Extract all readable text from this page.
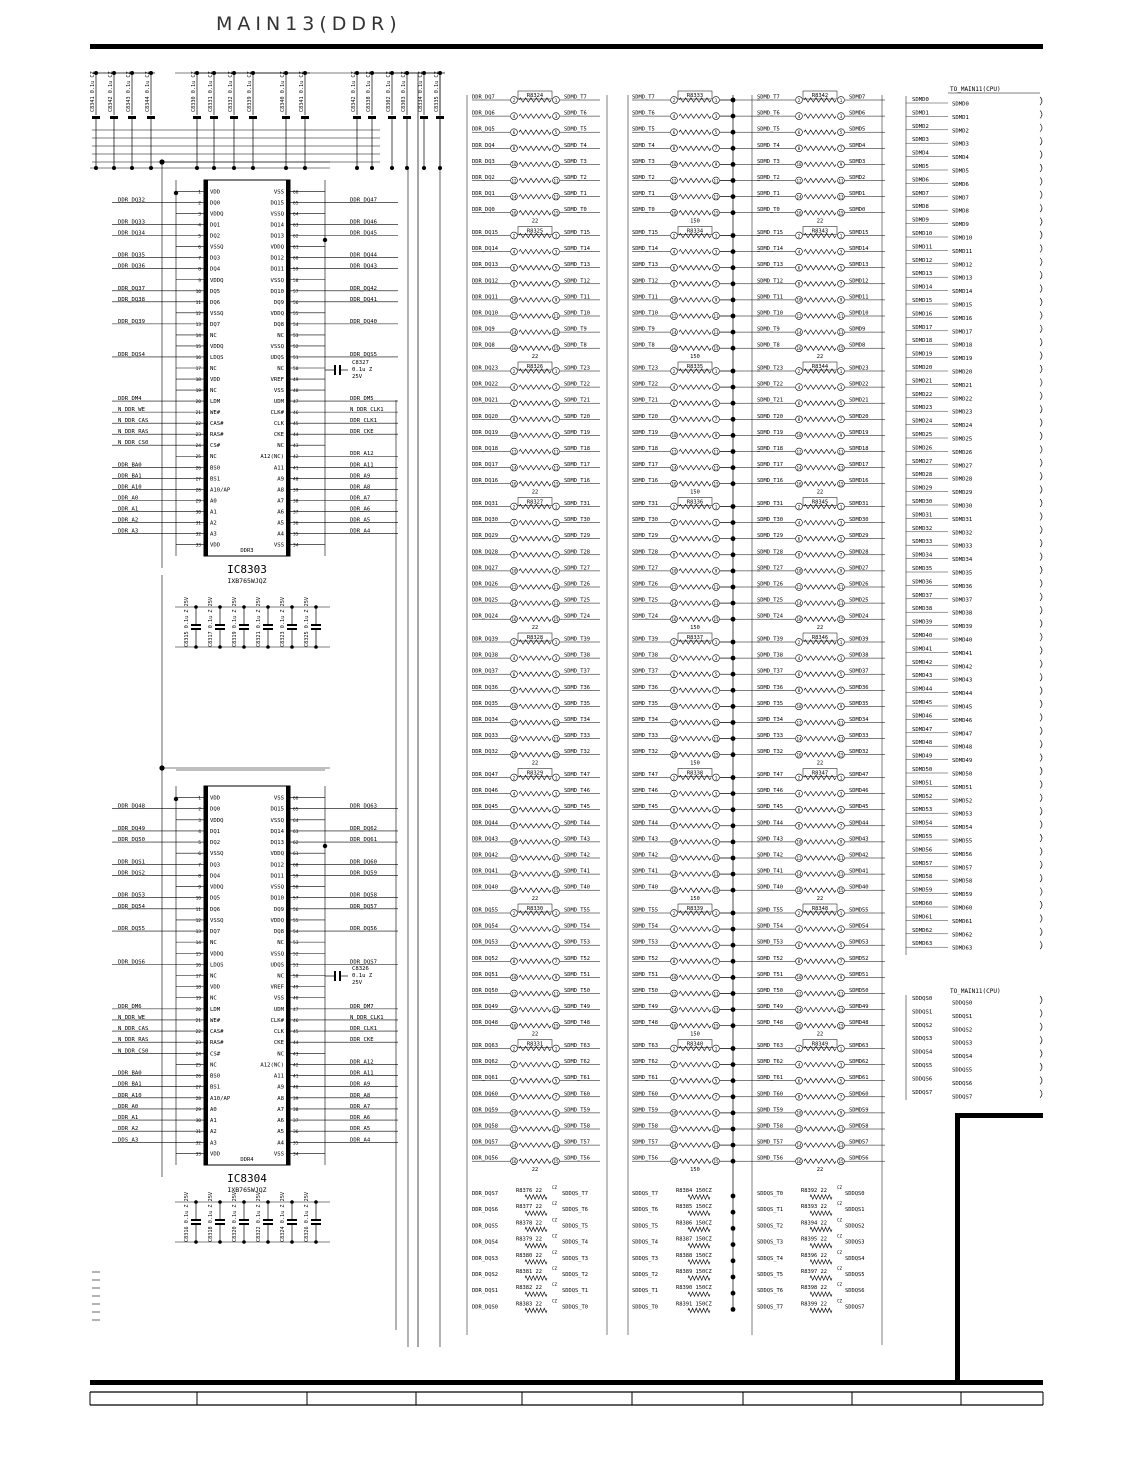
MAIN13(DDR)
VDD	VSS
1	66
DQ0	DQ15
2	65
DDR_DQ32	DDR_DQ47
VDDQ	VSSQ
3	64
DQ1	DQ14
4	63
DDR_DQ33	DDR_DQ46
DQ2	DQ13
5	62
DDR_DQ34	DDR_DQ45
VSSQ	VDDQ
6	61
DQ3	DQ12
7	60
DDR_DQ35	DDR_DQ44
DQ4	DQ11
8	59
DDR_DQ36	DDR_DQ43
VDDQ	VSSQ
9	58
DQ5	DQ10
10	57
DDR_DQ37	DDR_DQ42
DQ6	DQ9
11	56
DDR_DQ38	DDR_DQ41
VSSQ	VDDQ
12	55
DQ7	DQ8
13	54
DDR_DQ39	DDR_DQ40
NC	NC
14	53
VDDQ	VSSQ
15	52
LDQS	UDQS
16	51
DDR_DQS4	DDR_DQS5
NC	NC
17	50
VDD	VREF
18	49
NC	VSS
19	48
LDM	UDM
20	47
DDR_DM4	DDR_DM5
WE#	CLK#
21	46
N_DDR_WE	N_DDR_CLK1
CAS#	CLK
22	45
N_DDR_CAS	DDR_CLK1
RAS#	CKE
23	44
N_DDR_RAS	DDR_CKE
CS#	NC
24	43
N_DDR_CS0
NC	A12(NC)
25	42
DDR_A12
BS0	A11
26	41
DDR_BA0	DDR_A11
BS1	A9
27	40
DDR_BA1	DDR_A9
A10/AP	A8
28	39
DDR_A10	DDR_A8
A0	A7
29	38
DDR_A0	DDR_A7
A1	A6
30	37
DDR_A1	DDR_A6
A2	A5
31	36
DDR_A2	DDR_A5
A3	A4
32	35
DDR_A3	DDR_A4
VDD	VSS
33	34
DDR3
IC8303
IXB765WJQZ
C8327
0.1u Z
25V
VDD	VSS
1	66
DQ0	DQ15
2	65
DDR_DQ48	DDR_DQ63
VDDQ	VSSQ
3	64
DQ1	DQ14
4	63
DDR_DQ49	DDR_DQ62
DQ2	DQ13
5	62
DDR_DQ50	DDR_DQ61
VSSQ	VDDQ
6	61
DQ3	DQ12
7	60
DDR_DQS1	DDR_DQ60
DQ4	DQ11
8	59
DDR_DQS2	DDR_DQ59
VDDQ	VSSQ
9	58
DQ5	DQ10
10	57
DDR_DQ53	DDR_DQ58
DQ6	DQ9
11	56
DDR_DQ54	DDR_DQ57
VSSQ	VDDQ
12	55
DQ7	DQ8
13	54
DDR_DQ55	DDR_DQ56
NC	NC
14	53
VDDQ	VSSQ
15	52
LDQS	UDQS
16	51
DDR_DQS6	DDR_DQS7
NC	NC
17	50
VDD	VREF
18	49
NC	VSS
19	48
LDM	UDM
20	47
DDR_DM6	DDR_DM7
WE#	CLK#
21	46
N_DDR_WE	N_DDR_CLK1
CAS#	CLK
22	45
N_DDR_CAS	DDR_CLK1
RAS#	CKE
23	44
N_DDR_RAS	DDR_CKE
CS#	NC
24	43
N_DDR_CS0
NC	A12(NC)
25	42
DDR_A12
BS0	A11
26	41
DDR_BA0	DDR_A11
BS1	A9
27	40
DDR_BA1	DDR_A9
A10/AP	A8
28	39
DDR_A10	DDR_A8
A0	A7
29	38
DDR_A0	DDR_A7
A1	A6
30	37
DDR_A1	DDR_A6
A2	A5
31	36
DDR_A2	DDR_A5
A3	A4
32	35
DDS_A3	DDR_A4
VDD	VSS
33	34
DDR4
IC8304
IXB765WJQZ
C8326
0.1u Z
25V
C8341 0.1u CZ C8342 0.1u CZ C8343 0.1u CZ	C8344 0.1u CZ	C8330 0.1u CZ C8331 0.1u CZ	C8332 0.1u CZ	C8339 0.1u CZ	C8340 0.1u CZ	C8341 0.1u CZ	C8342 0.1u CZ C8338 0.1u CZ	C8302 0.1u CZ C8303 0.1u CZ C8334 0.1u CZ C8335 0.1u CZ
C8315 0.1u Z 25V	C8317 0.1u Z 25V	C8319 0.1u Z 25V	C8321 0.1u Z 25V	C8323 0.1u Z 25V	C8325 0.1u Z 25V
C8316 0.1u Z 25V	C8318 0.1u Z 25V	C8320 0.1u Z 25V	C8322 0.1u Z 25V	C8324 0.1u Z 25V	C8326 0.1u Z 25V
R8324
2	1
DDR_DQ7	SDMD_T7
4	3
DDR_DQ6	SDMD_T6
6	5
DDR_DQ5	SDMD_T5
8	7
DDR_DQ4	SDMD_T4
10	9
DDR_DQ3	SDMD_T3
12	11
DDR_DQ2	SDMD_T2
14	13
DDR_DQ1	SDMD_T1
16	15
DDR_DQ0	SDMD_T0
22
R8333
2	1
SDMD_T7
4	3
SDMD_T6
6	5
SDMD_T5
8	7
SDMD_T4
10	9
SDMD_T3
12	11
SDMD_T2
14	13
SDMD_T1
16	15
SDMD_T0
150
R8342
2	1
SDMD_T7	SDMD7
4	3
SDMD_T6	SDMD6
6	5
SDMD_T5	SDMD5
8	7
SDMD_T4	SDMD4
10	9
SDMD_T3	SDMD3
12	11
SDMD_T2	SDMD2
14	13
SDMD_T1	SDMD1
16	15
SDMD_T0	SDMD0
22
R8325
2	1
DDR_DQ15	SDMD_T15
4	3
DDR_DQ14	SDMD_T14
6	5
DDR_DQ13	SDMD_T13
8	7
DDR_DQ12	SDMD_T12
10	9
DDR_DQ11	SDMD_T11
12	11
DDR_DQ10	SDMD_T10
14	13
DDR_DQ9	SDMD_T9
16	15
DDR_DQ8	SDMD_T8
22
R8334
2	1
SDMD_T15
4	3
SDMD_T14
6	5
SDMD_T13
8	7
SDMD_T12
10	9
SDMD_T11
12	11
SDMD_T10
14	13
SDMD_T9
16	15
SDMD_T8
150
R8343
2	1
SDMD_T15	SDMD15
4	3
SDMD_T14	SDMD14
6	5
SDMD_T13	SDMD13
8	7
SDMD_T12	SDMD12
10	9
SDMD_T11	SDMD11
12	11
SDMD_T10	SDMD10
14	13
SDMD_T9	SDMD9
16	15
SDMD_T8	SDMD8
22
R8326
2	1
DDR_DQ23	SDMD_T23
4	3
DDR_DQ22	SDMD_T22
6	5
DDR_DQ21	SDMD_T21
8	7
DDR_DQ20	SDMD_T20
10	9
DDR_DQ19	SDMD_T19
12	11
DDR_DQ18	SDMD_T18
14	13
DDR_DQ17	SDMD_T17
16	15
DDR_DQ16	SDMD_T16
22
R8335
2	1
SDMD_T23
4	3
SDMD_T22
6	5
SDMD_T21
8	7
SDMD_T20
10	9
SDMD_T19
12	11
SDMD_T18
14	13
SDMD_T17
16	15
SDMD_T16
150
R8344
2	1
SDMD_T23	SDMD23
4	3
SDMD_T22	SDMD22
6	5
SDMD_T21	SDMD21
8	7
SDMD_T20	SDMD20
10	9
SDMD_T19	SDMD19
12	11
SDMD_T18	SDMD18
14	13
SDMD_T17	SDMD17
16	15
SDMD_T16	SDMD16
22
R8327
2	1
DDR_DQ31	SDMD_T31
4	3
DDR_DQ30	SDMD_T30
6	5
DDR_DQ29	SDMD_T29
8	7
DDR_DQ28	SDMD_T28
10	9
DDR_DQ27	SDMD_T27
12	11
DDR_DQ26	SDMD_T26
14	13
DDR_DQ25	SDMD_T25
16	15
DDR_DQ24	SDMD_T24
22
R8336
2	1
SDMD_T31
4	3
SDMD_T30
6	5
SDMD_T29
8	7
SDMD_T28
10	9
SDMD_T27
12	11
SDMD_T26
14	13
SDMD_T25
16	15
SDMD_T24
150
R8345
2	1
SDMD_T31	SDMD31
4	3
SDMD_T30	SDMD30
6	5
SDMD_T29	SDMD29
8	7
SDMD_T28	SDMD28
10	9
SDMD_T27	SDMD27
12	11
SDMD_T26	SDMD26
14	13
SDMD_T25	SDMD25
16	15
SDMD_T24	SDMD24
22
R8328
2	1
DDR_DQ39	SDMD_T39
4	3
DDR_DQ38	SDMD_T38
6	5
DDR_DQ37	SDMD_T37
8	7
DDR_DQ36	SDMD_T36
10	9
DDR_DQ35	SDMD_T35
12	11
DDR_DQ34	SDMD_T34
14	13
DDR_DQ33	SDMD_T33
16	15
DDR_DQ32	SDMD_T32
22
R8337
2	1
SDMD_T39
4	3
SDMD_T38
6	5
SDMD_T37
8	7
SDMD_T36
10	9
SDMD_T35
12	11
SDMD_T34
14	13
SDMD_T33
16	15
SDMD_T32
150
R8346
2	1
SDMD_T39	SDMD39
4	3
SDMD_T38	SDMD38
6	5
SDMD_T37	SDMD37
8	7
SDMD_T36	SDMD36
10	9
SDMD_T35	SDMD35
12	11
SDMD_T34	SDMD34
14	13
SDMD_T33	SDMD33
16	15
SDMD_T32	SDMD32
22
R8329
2	1
DDR_DQ47	SDMD_T47
4	3
DDR_DQ46	SDMD_T46
6	5
DDR_DQ45	SDMD_T45
8	7
DDR_DQ44	SDMD_T44
10	9
DDR_DQ43	SDMD_T43
12	11
DDR_DQ42	SDMD_T42
14	13
DDR_DQ41	SDMD_T41
16	15
DDR_DQ40	SDMD_T40
22
R8338
2	1
SDMD_T47
4	3
SDMD_T46
6	5
SDMD_T45
8	7
SDMD_T44
10	9
SDMD_T43
12	11
SDMD_T42
14	13
SDMD_T41
16	15
SDMD_T40
150
R8347
2	1
SDMD_T47	SDMD47
4	3
SDMD_T46	SDMD46
6	5
SDMD_T45	SDMD45
8	7
SDMD_T44	SDMD44
10	9
SDMD_T43	SDMD43
12	11
SDMD_T42	SDMD42
14	13
SDMD_T41	SDMD41
16	15
SDMD_T40	SDMD40
22
R8330
2	1
DDR_DQ55	SDMD_T55
4	3
DDR_DQ54	SDMD_T54
6	5
DDR_DQ53	SDMD_T53
8	7
DDR_DQ52	SDMD_T52
10	9
DDR_DQ51	SDMD_T51
12	11
DDR_DQ50	SDMD_T50
14	13
DDR_DQ49	SDMD_T49
16	15
DDR_DQ48	SDMD_T48
22
R8339
2	1
SDMD_T55
4	3
SDMD_T54
6	5
SDMD_T53
8	7
SDMD_T52
10	9
SDMD_T51
12	11
SDMD_T50
14	13
SDMD_T49
16	15
SDMD_T48
150
R8348
2	1
SDMD_T55	SDMD55
4	3
SDMD_T54	SDMD54
6	5
SDMD_T53	SDMD53
8	7
SDMD_T52	SDMD52
10	9
SDMD_T51	SDMD51
12	11
SDMD_T50	SDMD50
14	13
SDMD_T49	SDMD49
16	15
SDMD_T48	SDMD48
22
R8331
2	1
DDR_DQ63	SDMD_T63
4	3
DDR_DQ62	SDMD_T62
6	5
DDR_DQ61	SDMD_T61
8	7
DDR_DQ60	SDMD_T60
10	9
DDR_DQ59	SDMD_T59
12	11
DDR_DQ58	SDMD_T58
14	13
DDR_DQ57	SDMD_T57
16	15
DDR_DQ56	SDMD_T56
22
R8340
2	1
SDMD_T63
4	3
SDMD_T62
6	5
SDMD_T61
8	7
SDMD_T60
10	9
SDMD_T59
12	11
SDMD_T58
14	13
SDMD_T57
16	15
SDMD_T56
150
R8349
2	1
SDMD_T63	SDMD63
4	3
SDMD_T62	SDMD62
6	5
SDMD_T61	SDMD61
8	7
SDMD_T60	SDMD60
10	9
SDMD_T59	SDMD59
12	11
SDMD_T58	SDMD58
14	13
SDMD_T57	SDMD57
16	15
SDMD_T56	SDMD56
22
DDR_DQS7	R8376 22
CZ
SDDQS_T7	SDDQS_T7	R8384 150CZ	SDDQS_T0	R8392 22
CZ
SDDQS0
DDR_DQS6	R8377 22
CZ
SDDQS_T6	SDDQS_T6	R8385 150CZ	SDDQS_T1	R8393 22
CZ
SDDQS1
DDR_DQS5	R8378 22
CZ
SDDQS_T5	SDDQS_T5	R8386 150CZ	SDDQS_T2	R8394 22
CZ
SDDQS2
DDR_DQS4	R8379 22
CZ
SDDQS_T4	SDDQS_T4	R8387 150CZ	SDDQS_T3	R8395 22
CZ
SDDQS3
DDR_DQS3	R8380 22
CZ
SDDQS_T3	SDDQS_T3	R8388 150CZ	SDDQS_T4	R8396 22
CZ
SDDQS4
DDR_DQS2	R8381 22
CZ
SDDQS_T2	SDDQS_T2	R8389 150CZ	SDDQS_T5	R8397 22
CZ
SDDQS5
DDR_DQS1	R8382 22
CZ
SDDQS_T1	SDDQS_T1	R8390 150CZ	SDDQS_T6	R8398 22
CZ
SDDQS6
DDR_DQS0	R8383 22
CZ
SDDQS_T0	SDDQS_T0	R8391 150CZ	SDDQS_T7	R8399 22
CZ
SDDQS7
TO_MAIN11(CPU)
SDMD0
SDMD0
SDMD1
SDMD1
SDMD2
SDMD2
SDMD3
SDMD3
SDMD4
SDMD4
SDMD5
SDMD5
SDMD6
SDMD6
SDMD7
SDMD7
SDMD8
SDMD8
SDMD9
SDMD9
SDMD10
SDMD10
SDMD11
SDMD11
SDMD12
SDMD12
SDMD13
SDMD13
SDMD14
SDMD14
SDMD15
SDMD15
SDMD16
SDMD16
SDMD17
SDMD17
SDMD18
SDMD18
SDMD19
SDMD19
SDMD20
SDMD20
SDMD21
SDMD21
SDMD22
SDMD22
SDMD23
SDMD23
SDMD24
SDMD24
SDMD25
SDMD25
SDMD26
SDMD26
SDMD27
SDMD27
SDMD28
SDMD28
SDMD29
SDMD29
SDMD30
SDMD30
SDMD31
SDMD31
SDMD32
SDMD32
SDMD33
SDMD33
SDMD34
SDMD34
SDMD35
SDMD35
SDMD36
SDMD36
SDMD37
SDMD37
SDMD38
SDMD38
SDMD39
SDMD39
SDMD40
SDMD40
SDMD41
SDMD41
SDMD42
SDMD42
SDMD43
SDMD43
SDMD44
SDMD44
SDMD45
SDMD45
SDMD46
SDMD46
SDMD47
SDMD47
SDMD48
SDMD48
SDMD49
SDMD49
SDMD50
SDMD50
SDMD51
SDMD51
SDMD52
SDMD52
SDMD53
SDMD53
SDMD54
SDMD54
SDMD55
SDMD55
SDMD56
SDMD56
SDMD57
SDMD57
SDMD58
SDMD58
SDMD59
SDMD59
SDMD60
SDMD60
SDMD61
SDMD61
SDMD62
SDMD62
SDMD63
SDMD63
TO_MAIN11(CPU)
SDDQS0
SDDQS0
SDDQS1
SDDQS1
SDDQS2
SDDQS2
SDDQS3
SDDQS3
SDDQS4
SDDQS4
SDDQS5
SDDQS5
SDDQS6
SDDQS6
SDDQS7
SDDQS7
